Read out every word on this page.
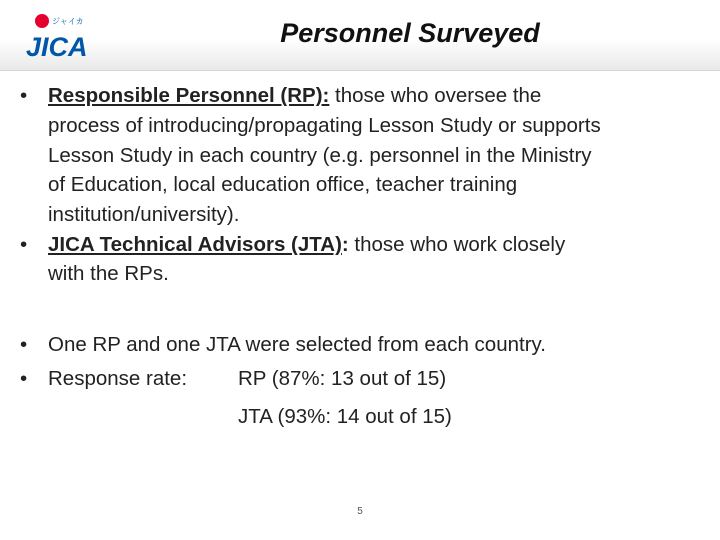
ジャイカ
JICA	Personnel Surveyed
• Responsible Personnel (RP): those who oversee the
process of introducing/propagating Lesson Study or supports
Lesson Study in each country (e.g. personnel in the Ministry
of Education, local education office, teacher training
institution/university).
• JICA Technical Advisors (JTA): those who work closely
with the RPs.
• One RP and one JTA were selected from each country.
• Response rate: RP (87%: 13 out of 15)
JTA (93%: 14 out of 15)
5
